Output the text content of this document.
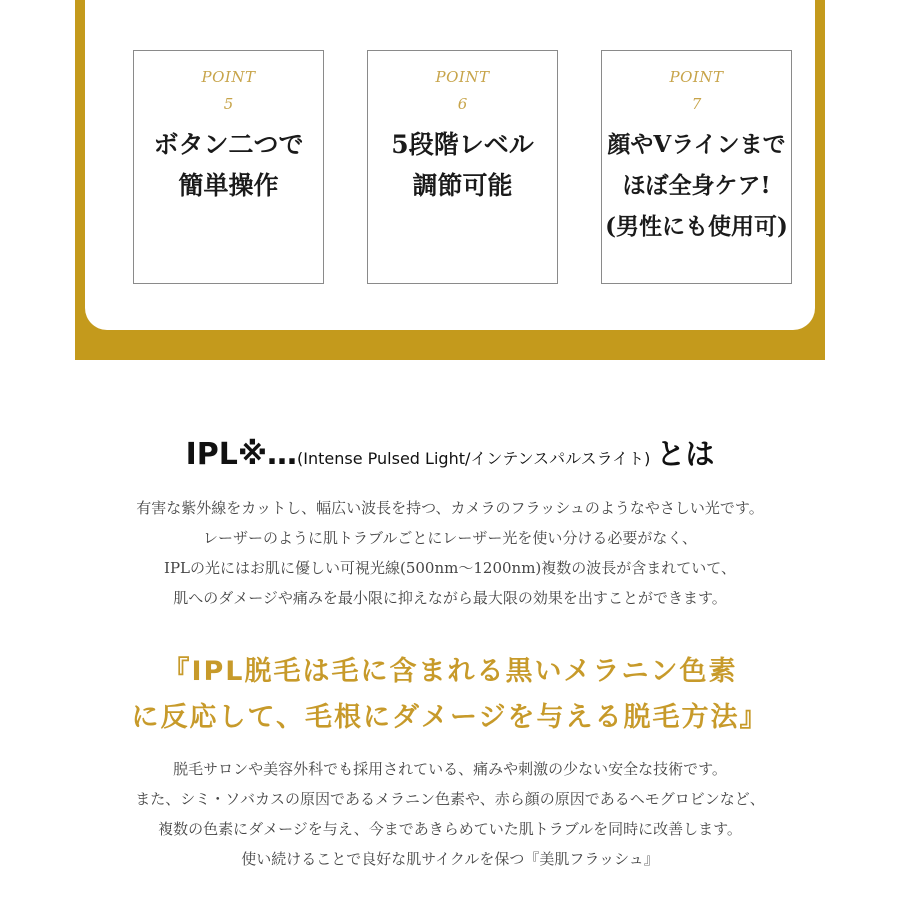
POINT
5
ボタン二つで
簡単操作
POINT
6
5段階レベル
調節可能
POINT
7
顔やVラインまで
ほぼ全身ケア!
(男性にも使用可)
IPL※…(Intense Pulsed Light/インテンスパルスライト) とは
有害な紫外線をカットし、幅広い波長を持つ、カメラのフラッシュのようなやさしい光です。
レーザーのように肌トラブルごとにレーザー光を使い分ける必要がなく、
IPLの光にはお肌に優しい可視光線(500nm〜1200nm)複数の波長が含まれていて、
肌へのダメージや痛みを最小限に抑えながら最大限の効果を出すことができます。
『IPL脱毛は毛に含まれる黒いメラニン色素
に反応して、毛根にダメージを与える脱毛方法』
脱毛サロンや美容外科でも採用されている、痛みや刺激の少ない安全な技術です。
また、シミ・ソバカスの原因であるメラニン色素や、赤ら顔の原因であるヘモグロビンなど、
複数の色素にダメージを与え、今まであきらめていた肌トラブルを同時に改善します。
使い続けることで良好な肌サイクルを保つ『美肌フラッシュ』
